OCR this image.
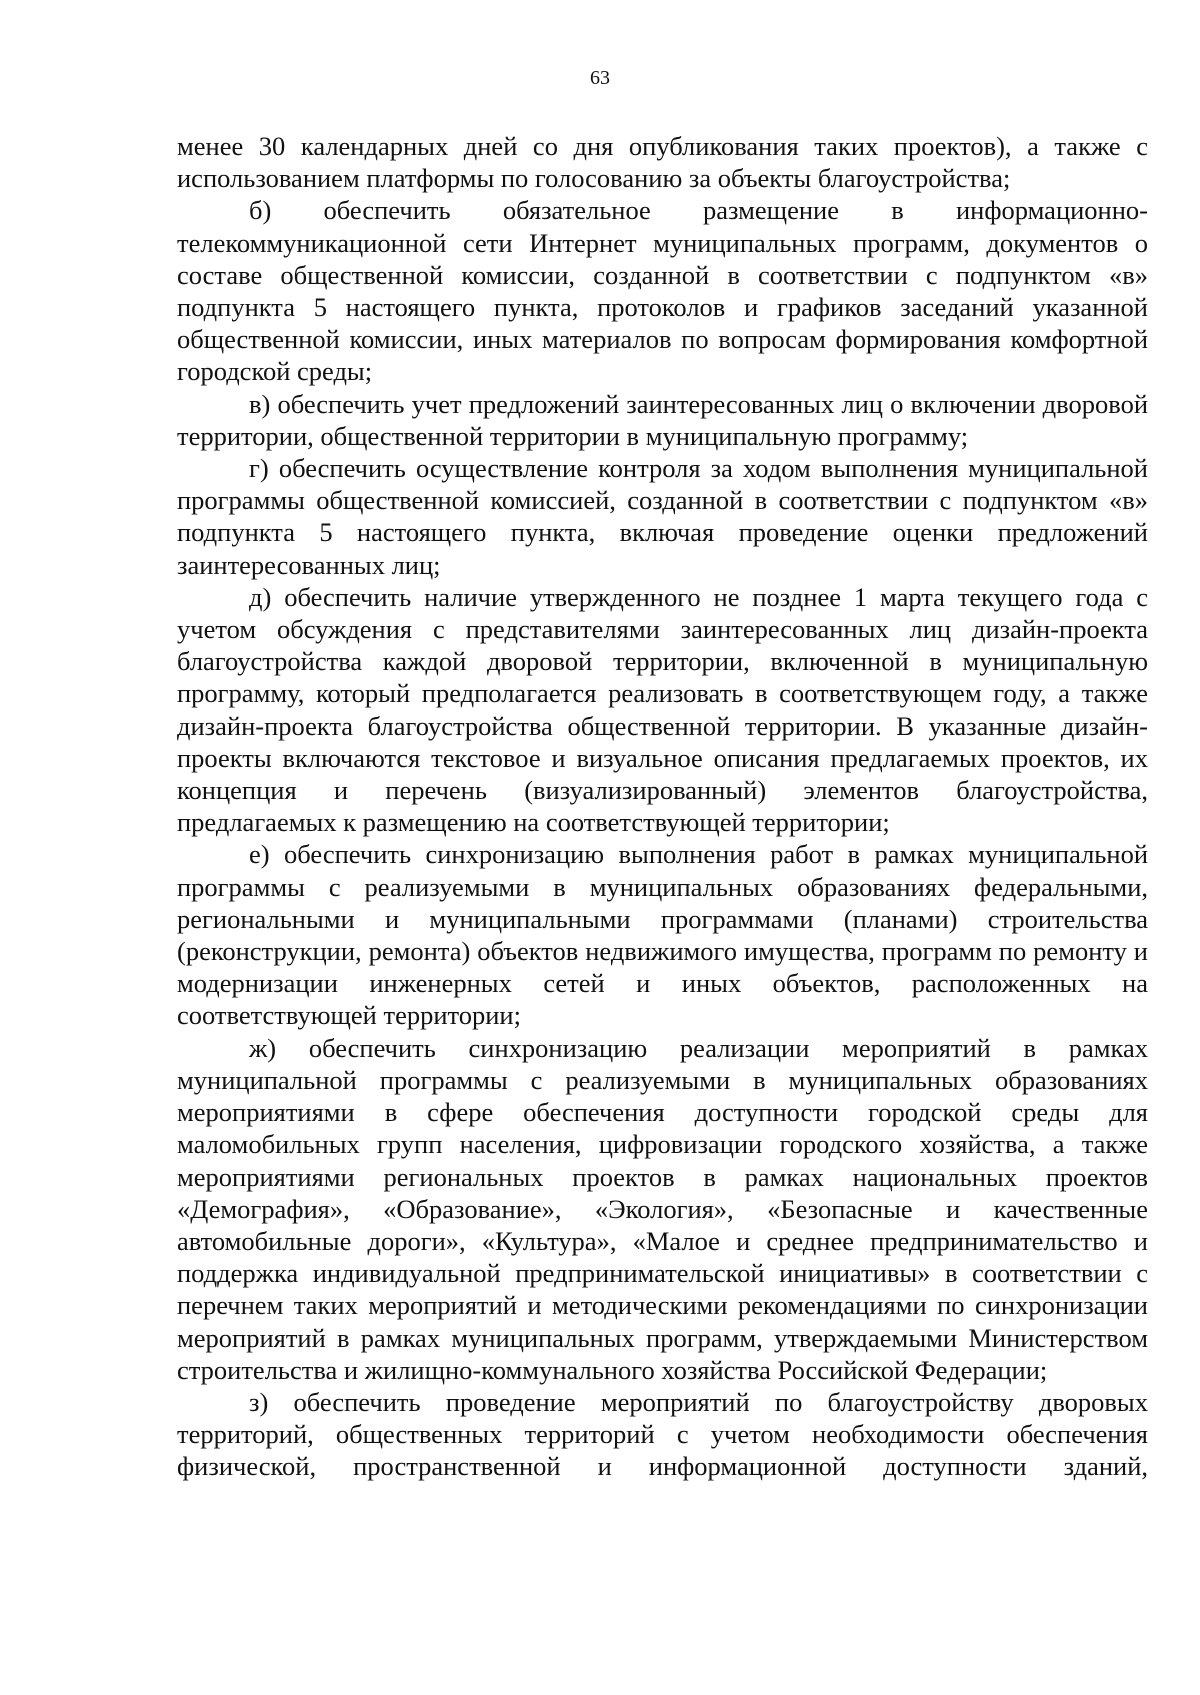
63

менее 30 календарных дней со дня опубликования таких проектов), а также с использованием платформы по голосованию за объекты благоустройства;

б) обеспечить обязательное размещение в информационно-телекоммуникационной сети Интернет муниципальных программ, документов о составе общественной комиссии, созданной в соответствии с подпунктом «в» подпункта 5 настоящего пункта, протоколов и графиков заседаний указанной общественной комиссии, иных материалов по вопросам формирования комфортной городской среды;

в) обеспечить учет предложений заинтересованных лиц о включении дворовой территории, общественной территории в муниципальную программу;

г) обеспечить осуществление контроля за ходом выполнения муниципальной программы общественной комиссией, созданной в соответствии с подпунктом «в» подпункта 5 настоящего пункта, включая проведение оценки предложений заинтересованных лиц;

д) обеспечить наличие утвержденного не позднее 1 марта текущего года с учетом обсуждения с представителями заинтересованных лиц дизайн-проекта благоустройства каждой дворовой территории, включенной в муниципальную программу, который предполагается реализовать в соответствующем году, а также дизайн-проекта благоустройства общественной территории. В указанные дизайн-проекты включаются текстовое и визуальное описания предлагаемых проектов, их концепция и перечень (визуализированный) элементов благоустройства, предлагаемых к размещению на соответствующей территории;

е) обеспечить синхронизацию выполнения работ в рамках муниципальной программы с реализуемыми в муниципальных образованиях федеральными, региональными и муниципальными программами (планами) строительства (реконструкции, ремонта) объектов недвижимого имущества, программ по ремонту и модернизации инженерных сетей и иных объектов, расположенных на соответствующей территории;

ж) обеспечить синхронизацию реализации мероприятий в рамках муниципальной программы с реализуемыми в муниципальных образованиях мероприятиями в сфере обеспечения доступности городской среды для маломобильных групп населения, цифровизации городского хозяйства, а также мероприятиями региональных проектов в рамках национальных проектов «Демография», «Образование», «Экология», «Безопасные и качественные автомобильные дороги», «Культура», «Малое и среднее предпринимательство и поддержка индивидуальной предпринимательской инициативы» в соответствии с перечнем таких мероприятий и методическими рекомендациями по синхронизации мероприятий в рамках муниципальных программ, утверждаемыми Министерством строительства и жилищно-коммунального хозяйства Российской Федерации;

з) обеспечить проведение мероприятий по благоустройству дворовых территорий, общественных территорий с учетом необходимости обеспечения физической, пространственной и информационной доступности зданий,
